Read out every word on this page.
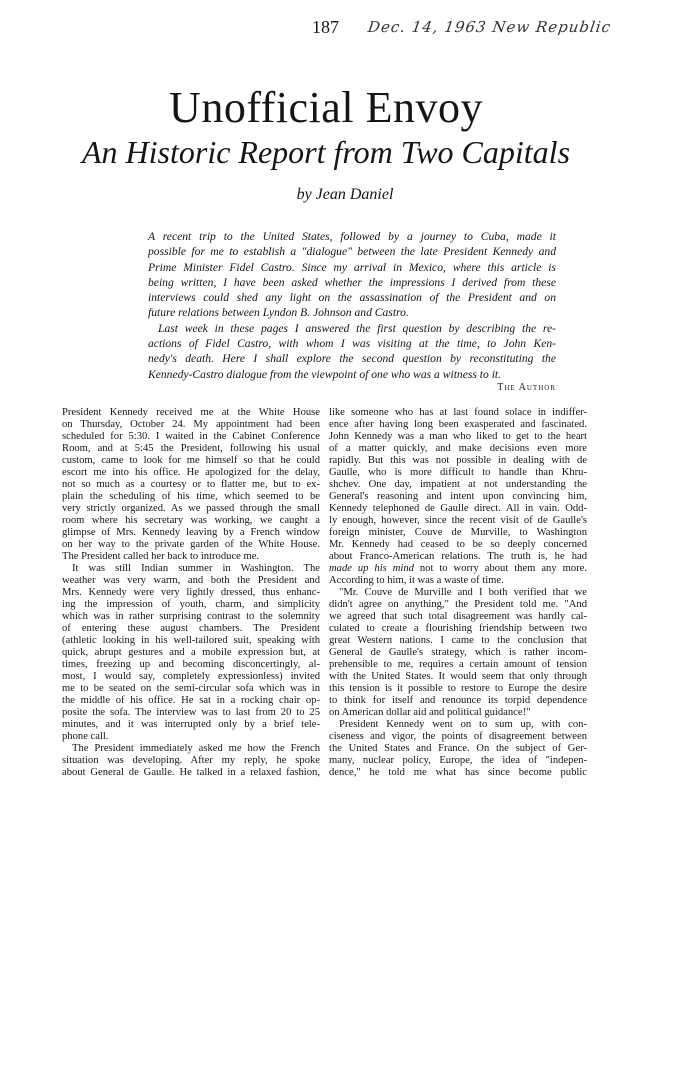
187 Dec. 14, 1963 New Republic
Unofficial Envoy
An Historic Report from Two Capitals
by Jean Daniel
A recent trip to the United States, followed by a journey to Cuba, made it
possible for me to establish a "dialogue" between the late President Kennedy and
Prime Minister Fidel Castro. Since my arrival in Mexico, where this article is
being written, I have been asked whether the impressions I derived from these
interviews could shed any light on the assassination of the President and on
future relations between Lyndon B. Johnson and Castro.
Last week in these pages I answered the first question by describing the re-
actions of Fidel Castro, with whom I was visiting at the time, to John Ken-
nedy's death. Here I shall explore the second question by reconstituting the
Kennedy-Castro dialogue from the viewpoint of one who was a witness to it.
The Author
President Kennedy received me at the White House
on Thursday, October 24. My appointment had been
scheduled for 5:30. I waited in the Cabinet Conference
Room, and at 5:45 the President, following his usual
custom, came to look for me himself so that he could
escort me into his office. He apologized for the delay,
not so much as a courtesy or to flatter me, but to ex-
plain the scheduling of his time, which seemed to be
very strictly organized. As we passed through the small
room where his secretary was working, we caught a
glimpse of Mrs. Kennedy leaving by a French window
on her way to the private garden of the White House.
The President called her back to introduce me.
It was still Indian summer in Washington. The
weather was very warm, and both the President and
Mrs. Kennedy were very lightly dressed, thus enhanc-
ing the impression of youth, charm, and simplicity
which was in rather surprising contrast to the solemnity
of entering these august chambers. The President
(athletic looking in his well-tailored suit, speaking with
quick, abrupt gestures and a mobile expression but, at
times, freezing up and becoming disconcertingly, al-
most, I would say, completely expressionless) invited
me to be seated on the semi-circular sofa which was in
the middle of his office. He sat in a rocking chair op-
posite the sofa. The interview was to last from 20 to 25
minutes, and it was interrupted only by a brief tele-
phone call.
The President immediately asked me how the French
situation was developing. After my reply, he spoke
about General de Gaulle. He talked in a relaxed fashion,
like someone who has at last found solace in indiffer-
ence after having long been exasperated and fascinated.
John Kennedy was a man who liked to get to the heart
of a matter quickly, and make decisions even more
rapidly. But this was not possible in dealing with de
Gaulle, who is more difficult to handle than Khru-
shchev. One day, impatient at not understanding the
General's reasoning and intent upon convincing him,
Kennedy telephoned de Gaulle direct. All in vain. Odd-
ly enough, however, since the recent visit of de Gaulle's
foreign minister, Couve de Murville, to Washington
Mr. Kennedy had ceased to be so deeply concerned
about Franco-American relations. The truth is, he had
made up his mind not to worry about them any more.
According to him, it was a waste of time.
"Mr. Couve de Murville and I both verified that we
didn't agree on anything," the President told me. "And
we agreed that such total disagreement was hardly cal-
culated to create a flourishing friendship between two
great Western nations. I came to the conclusion that
General de Gaulle's strategy, which is rather incom-
prehensible to me, requires a certain amount of tension
with the United States. It would seem that only through
this tension is it possible to restore to Europe the desire
to think for itself and renounce its torpid dependence
on American dollar aid and political guidance!"
President Kennedy went on to sum up, with con-
ciseness and vigor, the points of disagreement between
the United States and France. On the subject of Ger-
many, nuclear policy, Europe, the idea of "indepen-
dence," he told me what has since become public
